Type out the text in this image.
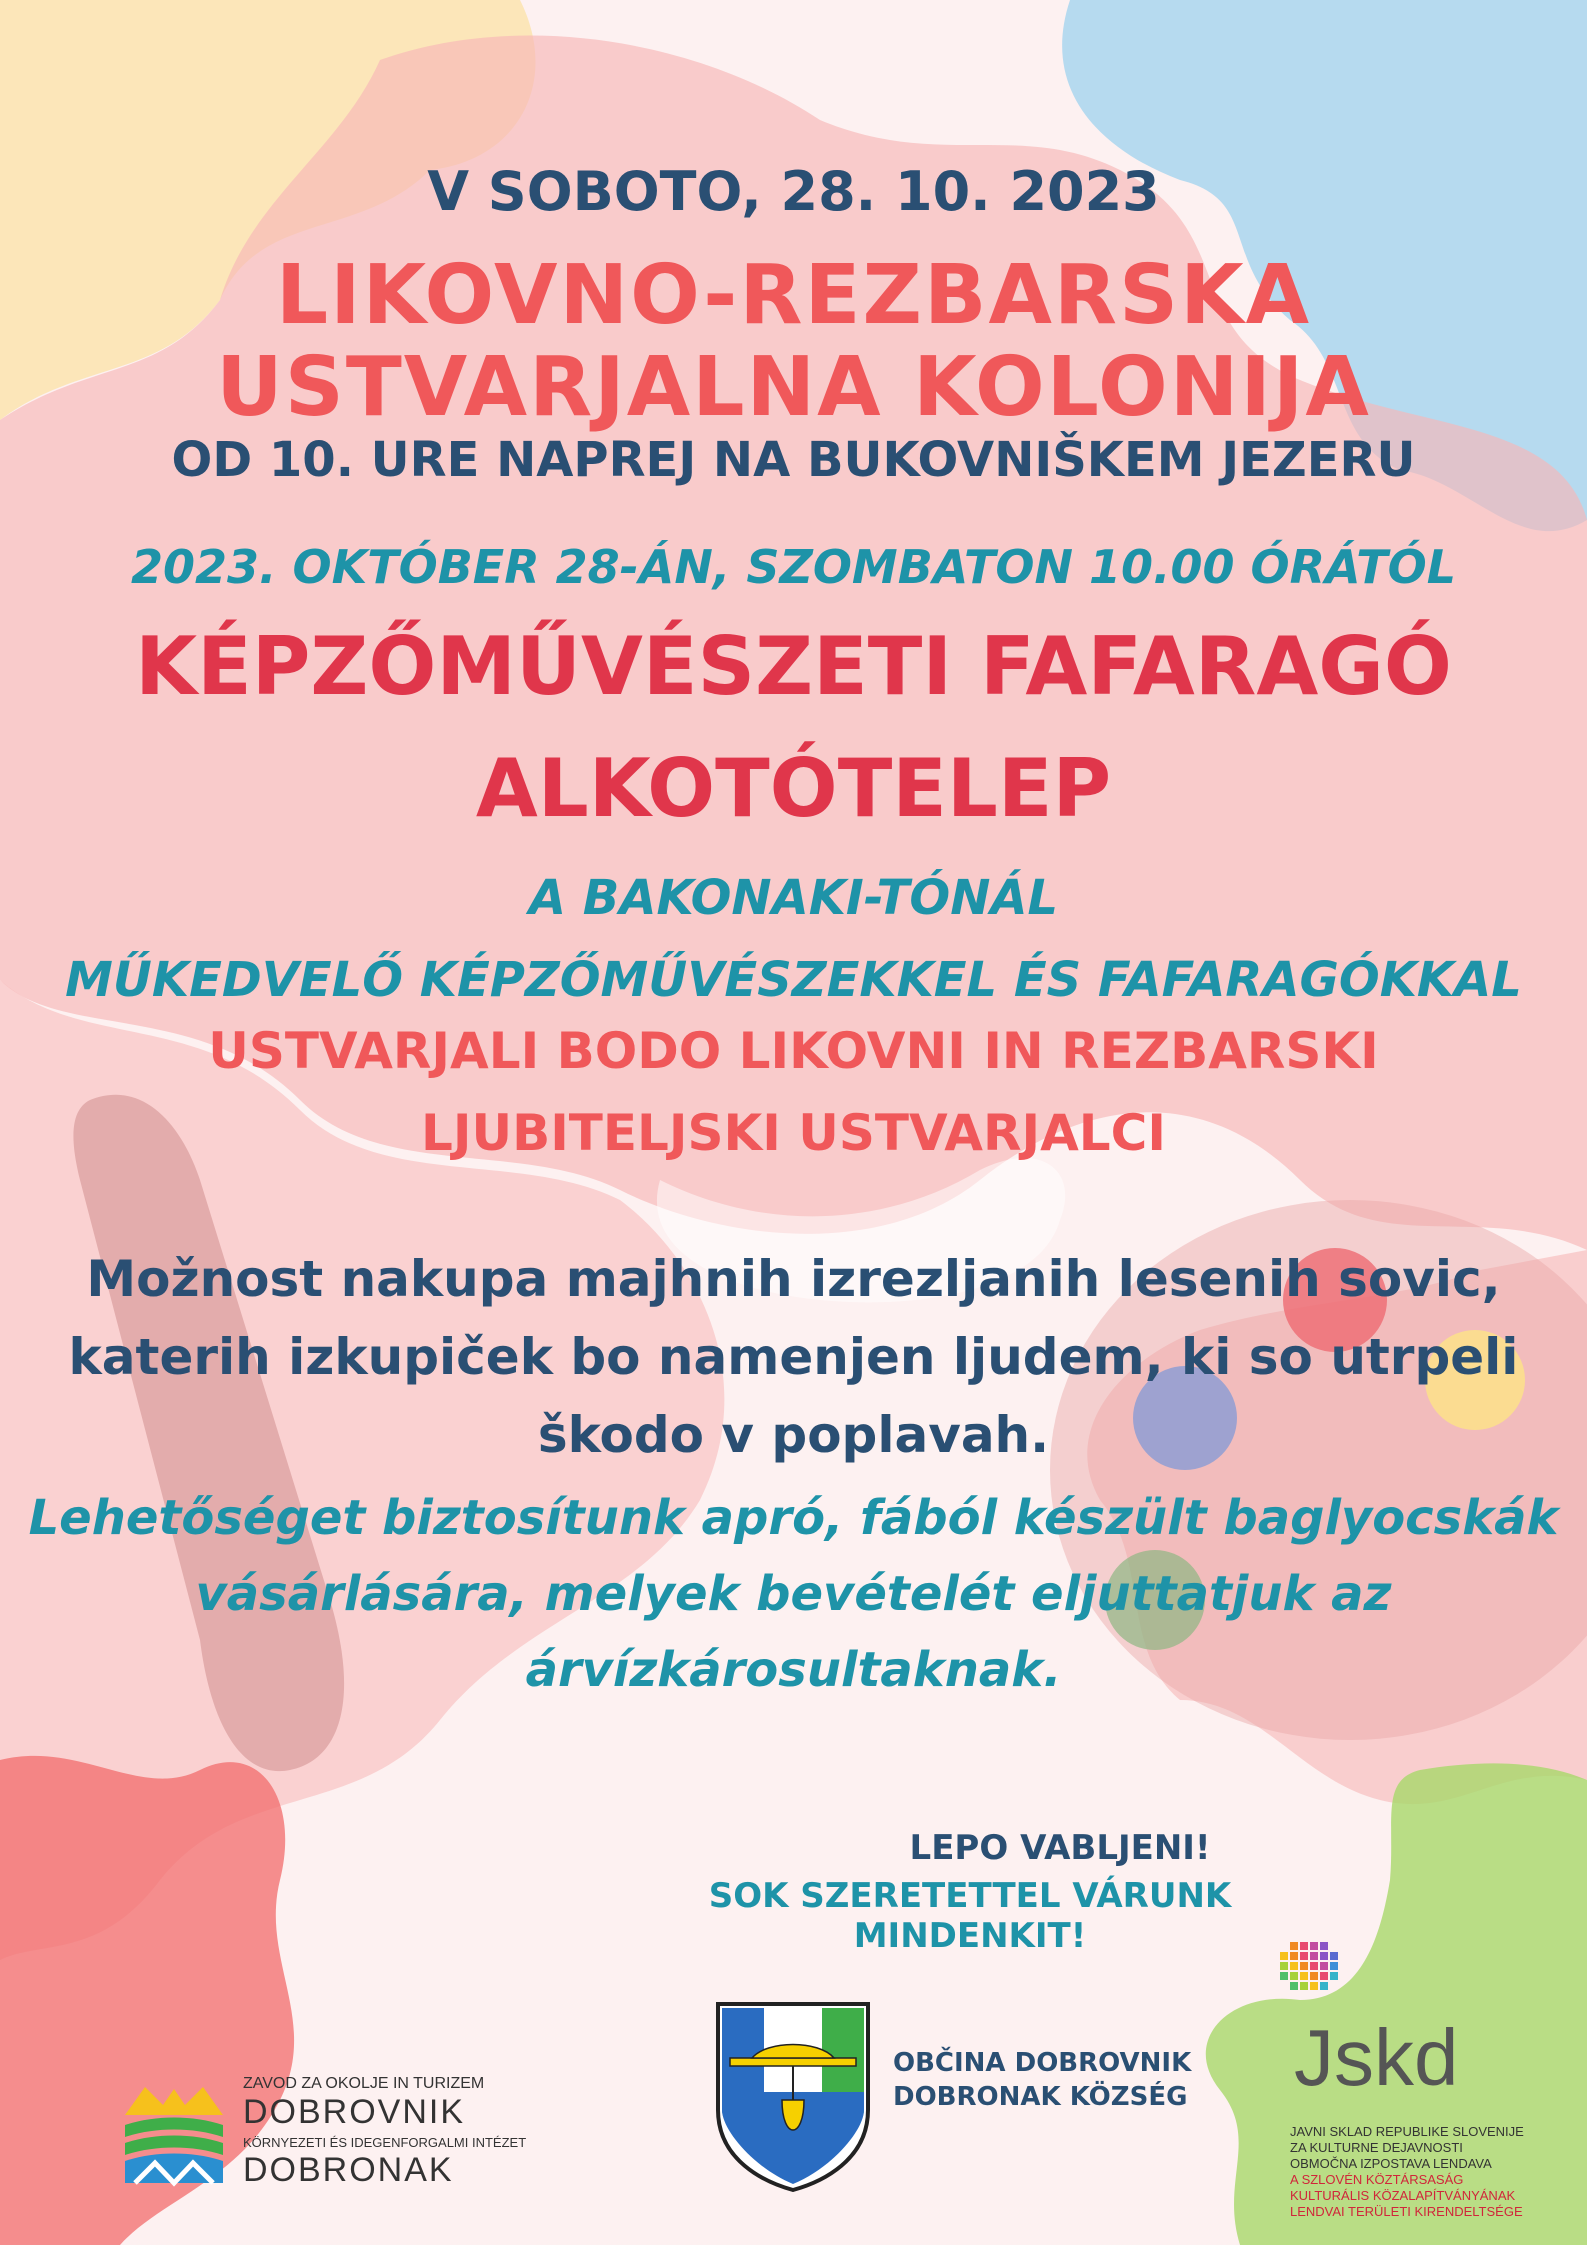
V SOBOTO, 28. 10. 2023
LIKOVNO-REZBARSKA
USTVARJALNA KOLONIJA
OD 10. URE NAPREJ NA BUKOVNIŠKEM JEZERU
2023. OKTÓBER 28-ÁN, SZOMBATON 10.00 ÓRÁTÓL
KÉPZŐMŰVÉSZETI FAFARAGÓ
ALKOTÓTELEP
A BAKONAKI-TÓNÁL
MŰKEDVELŐ KÉPZŐMŰVÉSZEKKEL ÉS FAFARAGÓKKAL
USTVARJALI BODO LIKOVNI IN REZBARSKI
LJUBITELJSKI USTVARJALCI
Možnost nakupa majhnih izrezljanih lesenih sovic,
katerih izkupiček bo namenjen ljudem, ki so utrpeli
škodo v poplavah.
Lehetőséget biztosítunk apró, fából készült baglyocskák
vásárlására, melyek bevételét eljuttatjuk az
árvízkárosultaknak.
LEPO VABLJENI!
SOK SZERETETTEL VÁRUNK MINDENKIT!
ZAVOD ZA OKOLJE IN TURIZEM
DOBROVNIK
KÖRNYEZETI ÉS IDEGENFORGALMI INTÉZET
DOBRONAK
OBČINA DOBROVNIK
DOBRONAK KÖZSÉG Jskd
JAVNI SKLAD REPUBLIKE SLOVENIJE
ZA KULTURNE DEJAVNOSTI
OBMOČNA IZPOSTAVA LENDAVA
A SZLOVÉN KÖZTÁRSASÁG
KULTURÁLIS KÖZALAPÍTVÁNYÁNAK
LENDVAI TERÜLETI KIRENDELTSÉGE
